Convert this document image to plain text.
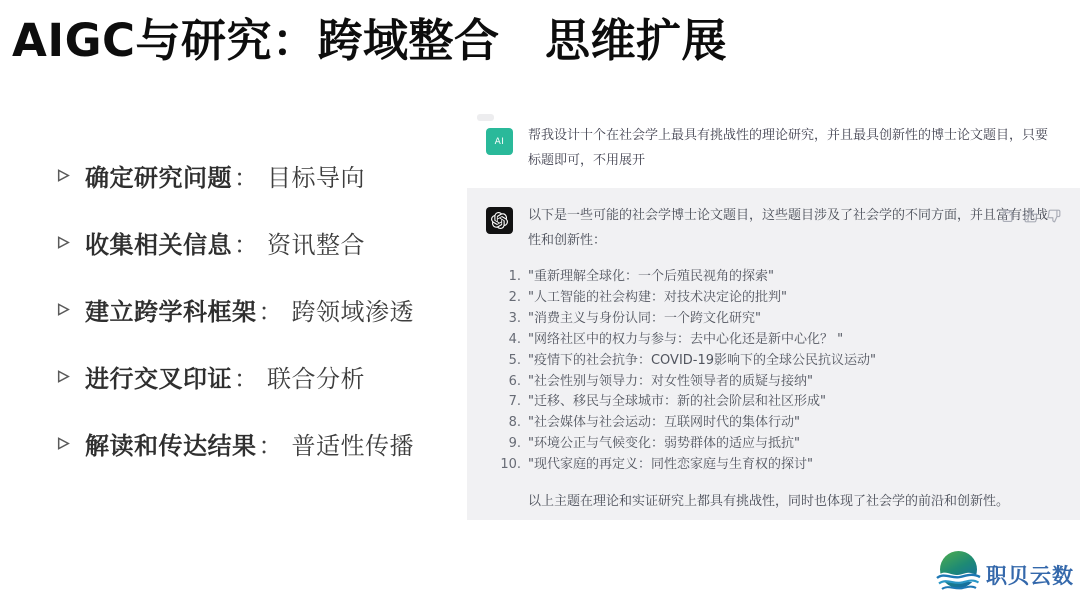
AIGC与研究：跨域整合　思维扩展
确定研究问题 ： 目标导向
收集相关信息 ： 资讯整合
建立跨学科框架 ： 跨领域渗透
进行交叉印证 ： 联合分析
解读和传达结果 ： 普适性传播
AI 帮我设计十个在社会学上最具有挑战性的理论研究，并且最具创新性的博士论文题目，只要标题即可，不用展开
以下是一些可能的社会学博士论文题目，这些题目涉及了社会学的不同方面，并且富有挑战性和创新性：
1. "重新理解全球化：一个后殖民视角的探索"
2. "人工智能的社会构建：对技术决定论的批判"
3. "消费主义与身份认同：一个跨文化研究"
4. "网络社区中的权力与参与：去中心化还是新中心化？ "
5. "疫情下的社会抗争：COVID-19影响下的全球公民抗议运动"
6. "社会性别与领导力：对女性领导者的质疑与接纳"
7. "迁移、移民与全球城市：新的社会阶层和社区形成"
8. "社会媒体与社会运动：互联网时代的集体行动"
9. "环境公正与气候变化：弱势群体的适应与抵抗"
10. "现代家庭的再定义：同性恋家庭与生育权的探讨"
以上主题在理论和实证研究上都具有挑战性，同时也体现了社会学的前沿和创新性。
职贝云数
